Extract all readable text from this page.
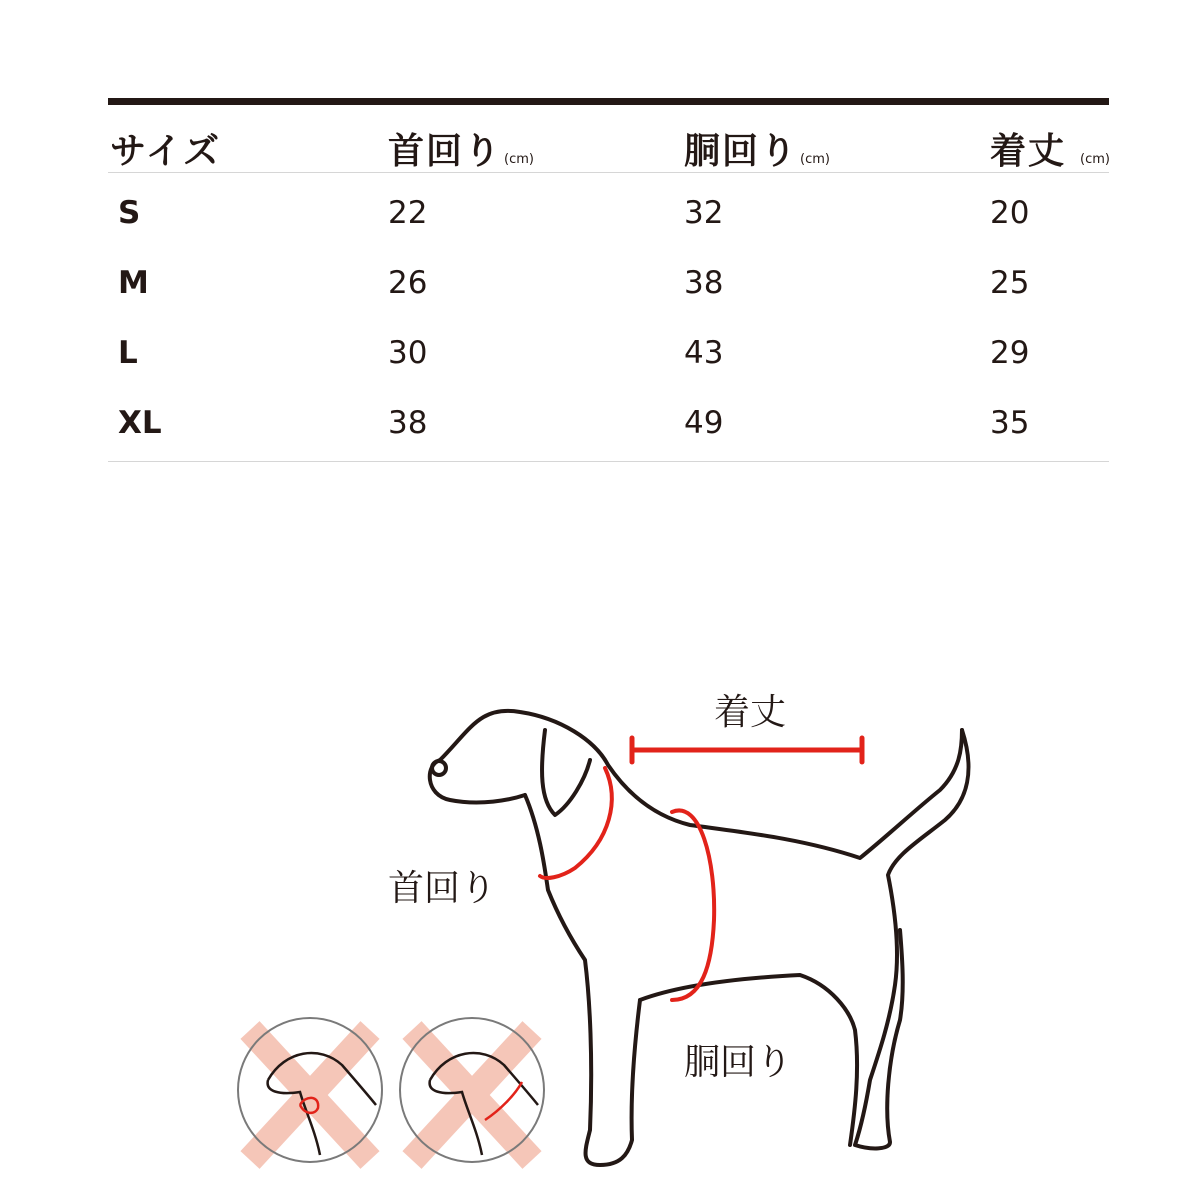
サイズ	首回り (cm)	胴回り (cm)	着丈 (cm)
S	22	32	20
M	26	38	25
L	30	43	29
XL	38	49	35
着丈
首回り
胴回り
